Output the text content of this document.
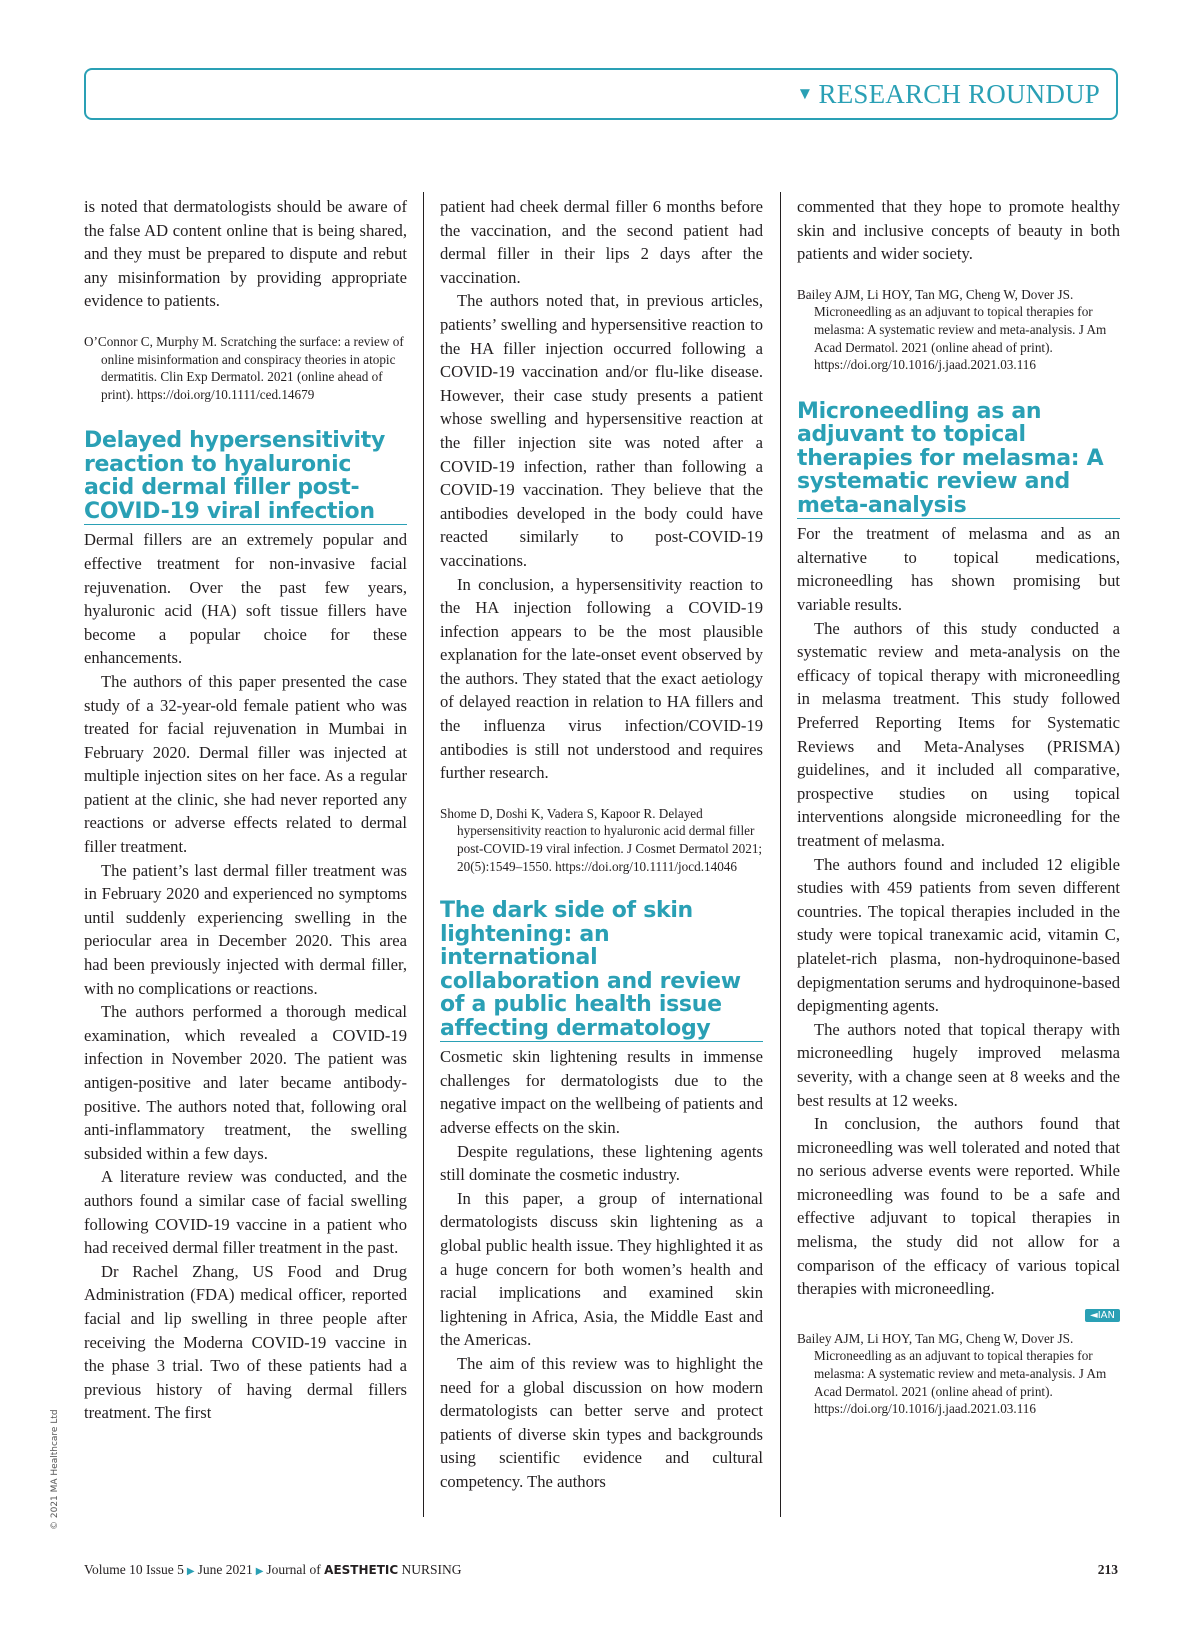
▼ RESEARCH ROUNDUP
© 2021 MA Healthcare Ltd

is noted that dermatologists should be aware of the false AD content online that is being shared, and they must be prepared to dispute and rebut any misinformation by providing appropriate evidence to patients.

O’Connor C, Murphy M. Scratching the surface: a review of online misinformation and conspiracy theories in atopic dermatitis. Clin Exp Dermatol. 2021 (online ahead of print). https://doi.org/10.1111/ced.14679

Delayed hypersensitivity reaction to hyaluronic acid dermal filler post-COVID-19 viral infection

Dermal fillers are an extremely popular and effective treatment for non-invasive facial rejuvenation. Over the past few years, hyaluronic acid (HA) soft tissue fillers have become a popular choice for these enhancements.

The authors of this paper presented the case study of a 32-year-old female patient who was treated for facial rejuvenation in Mumbai in February 2020. Dermal filler was injected at multiple injection sites on her face. As a regular patient at the clinic, she had never reported any reactions or adverse effects related to dermal filler treatment.

The patient’s last dermal filler treatment was in February 2020 and experienced no symptoms until suddenly experiencing swelling in the periocular area in December 2020. This area had been previously injected with dermal filler, with no complications or reactions.

The authors performed a thorough medical examination, which revealed a COVID-19 infection in November 2020. The patient was antigen-positive and later became antibody-positive. The authors noted that, following oral anti-inflammatory treatment, the swelling subsided within a few days.

A literature review was conducted, and the authors found a similar case of facial swelling following COVID-19 vaccine in a patient who had received dermal filler treatment in the past.

Dr Rachel Zhang, US Food and Drug Administration (FDA) medical officer, reported facial and lip swelling in three people after receiving the Moderna COVID-19 vaccine in the phase 3 trial. Two of these patients had a previous history of having dermal fillers treatment. The first

patient had cheek dermal filler 6 months before the vaccination, and the second patient had dermal filler in their lips 2 days after the vaccination.

The authors noted that, in previous articles, patients’ swelling and hypersensitive reaction to the HA filler injection occurred following a COVID-19 vaccination and/or flu-like disease. However, their case study presents a patient whose swelling and hypersensitive reaction at the filler injection site was noted after a COVID-19 infection, rather than following a COVID-19 vaccination. They believe that the antibodies developed in the body could have reacted similarly to post-COVID-19 vaccinations.

In conclusion, a hypersensitivity reaction to the HA injection following a COVID-19 infection appears to be the most plausible explanation for the late-onset event observed by the authors. They stated that the exact aetiology of delayed reaction in relation to HA fillers and the influenza virus infection/COVID-19 antibodies is still not understood and requires further research.

Shome D, Doshi K, Vadera S, Kapoor R. Delayed hypersensitivity reaction to hyaluronic acid dermal filler post-COVID-19 viral infection. J Cosmet Dermatol 2021; 20(5):1549–1550. https://doi.org/10.1111/jocd.14046

The dark side of skin lightening: an international collaboration and review of a public health issue affecting dermatology

Cosmetic skin lightening results in immense challenges for dermatologists due to the negative impact on the wellbeing of patients and adverse effects on the skin.

Despite regulations, these lightening agents still dominate the cosmetic industry.

In this paper, a group of international dermatologists discuss skin lightening as a global public health issue. They highlighted it as a huge concern for both women’s health and racial implications and examined skin lightening in Africa, Asia, the Middle East and the Americas.

The aim of this review was to highlight the need for a global discussion on how modern dermatologists can better serve and protect patients of diverse skin types and backgrounds using scientific evidence and cultural competency. The authors

commented that they hope to promote healthy skin and inclusive concepts of beauty in both patients and wider society.

Bailey AJM, Li HOY, Tan MG, Cheng W, Dover JS. Microneedling as an adjuvant to topical therapies for melasma: A systematic review and meta-analysis. J Am Acad Dermatol. 2021 (online ahead of print). https://doi.org/10.1016/j.jaad.2021.03.116

Microneedling as an adjuvant to topical therapies for melasma: A systematic review and meta-analysis

For the treatment of melasma and as an alternative to topical medications, microneedling has shown promising but variable results.

The authors of this study conducted a systematic review and meta-analysis on the efficacy of topical therapy with microneedling in melasma treatment. This study followed Preferred Reporting Items for Systematic Reviews and Meta-Analyses (PRISMA) guidelines, and it included all comparative, prospective studies on using topical interventions alongside microneedling for the treatment of melasma.

The authors found and included 12 eligible studies with 459 patients from seven different countries. The topical therapies included in the study were topical tranexamic acid, vitamin C, platelet-rich plasma, non-hydroquinone-based depigmentation serums and hydroquinone-based depigmenting agents.

The authors noted that topical therapy with microneedling hugely improved melasma severity, with a change seen at 8 weeks and the best results at 12 weeks.

In conclusion, the authors found that microneedling was well tolerated and noted that no serious adverse events were reported. While microneedling was found to be a safe and effective adjuvant to topical therapies in melisma, the study did not allow for a comparison of the efficacy of various topical therapies with microneedling.

◄IAN

Bailey AJM, Li HOY, Tan MG, Cheng W, Dover JS. Microneedling as an adjuvant to topical therapies for melasma: A systematic review and meta-analysis. J Am Acad Dermatol. 2021 (online ahead of print). https://doi.org/10.1016/j.jaad.2021.03.116

Volume 10 Issue 5 ▶ June 2021 ▶ Journal of AESTHETIC NURSING	213
